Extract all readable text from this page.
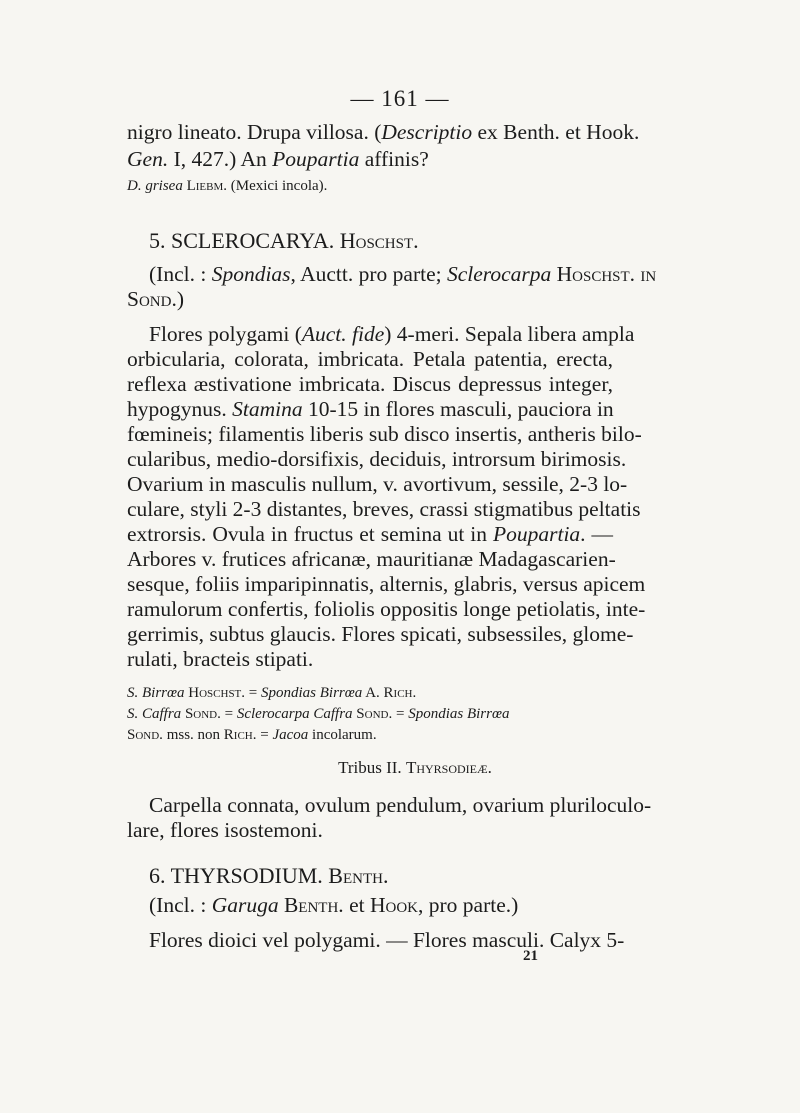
— 161 —
nigro lineato. Drupa villosa. (Descriptio ex Benth. et Hook.
Gen. I, 427.) An Poupartia affinis?
D. grisea Liebm. (Mexici incola).
5. SCLEROCARYA. Hoschst.
(Incl. : Spondias, Auctt. pro parte; Sclerocarpa Hoschst. in
Sond.)
Flores polygami (Auct. fide) 4-meri. Sepala libera ampla
orbicularia, colorata, imbricata. Petala patentia, erecta,
reflexa æstivatione imbricata. Discus depressus integer,
hypogynus. Stamina 10-15 in flores masculi, pauciora in
fœmineis; filamentis liberis sub disco insertis, antheris bilo-
cularibus, medio-dorsifixis, deciduis, introrsum birimosis.
Ovarium in masculis nullum, v. avortivum, sessile, 2-3 lo-
culare, styli 2-3 distantes, breves, crassi stigmatibus peltatis
extrorsis. Ovula in fructus et semina ut in Poupartia. —
Arbores v. frutices africanæ, mauritianæ Madagascarien-
sesque, foliis imparipinnatis, alternis, glabris, versus apicem
ramulorum confertis, foliolis oppositis longe petiolatis, inte-
gerrimis, subtus glaucis. Flores spicati, subsessiles, glome-
rulati, bracteis stipati.
S. Birrœa Hoschst. = Spondias Birrœa A. Rich.
S. Caffra Sond. = Sclerocarpa Caffra Sond. = Spondias Birrœa
Sond. mss. non Rich. = Jacoa incolarum.
Tribus II. Thyrsodieæ.
Carpella connata, ovulum pendulum, ovarium pluriloculo-
lare, flores isostemoni.
6. THYRSODIUM. Benth.
(Incl. : Garuga Benth. et Hook, pro parte.)
Flores dioici vel polygami. — Flores masculi. Calyx 5-
21
